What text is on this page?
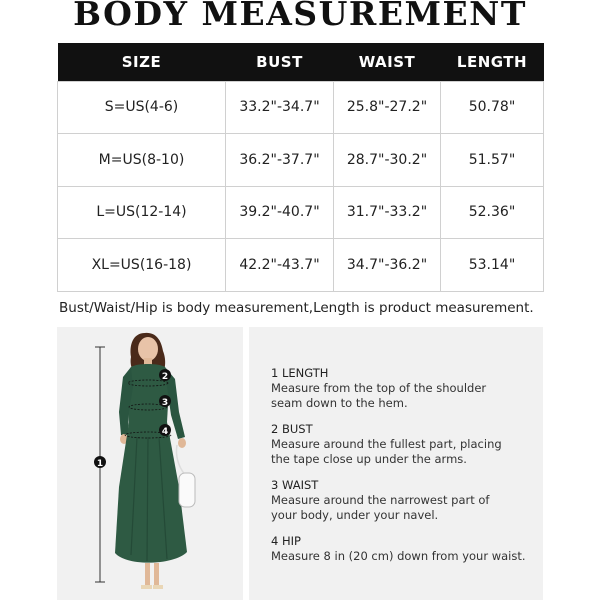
BODY MEASUREMENT
SIZE	BUST	WAIST	LENGTH
S=US(4-6)	33.2"-34.7"	25.8"-27.2"	50.78"
M=US(8-10)	36.2"-37.7"	28.7"-30.2"	51.57"
L=US(12-14)	39.2"-40.7"	31.7"-33.2"	52.36"
XL=US(16-18)	42.2"-43.7"	34.7"-36.2"	53.14"
Bust/Waist/Hip is body measurement,Length is product measurement.
1
2
3
4
1 LENGTH
Measure from the top of the shoulder
seam down to the hem.
2 BUST
Measure around the fullest part, placing
the tape close up under the arms.
3 WAIST
Measure around the narrowest part of
your body, under your navel.
4 HIP
Measure 8 in (20 cm) down from your waist.
